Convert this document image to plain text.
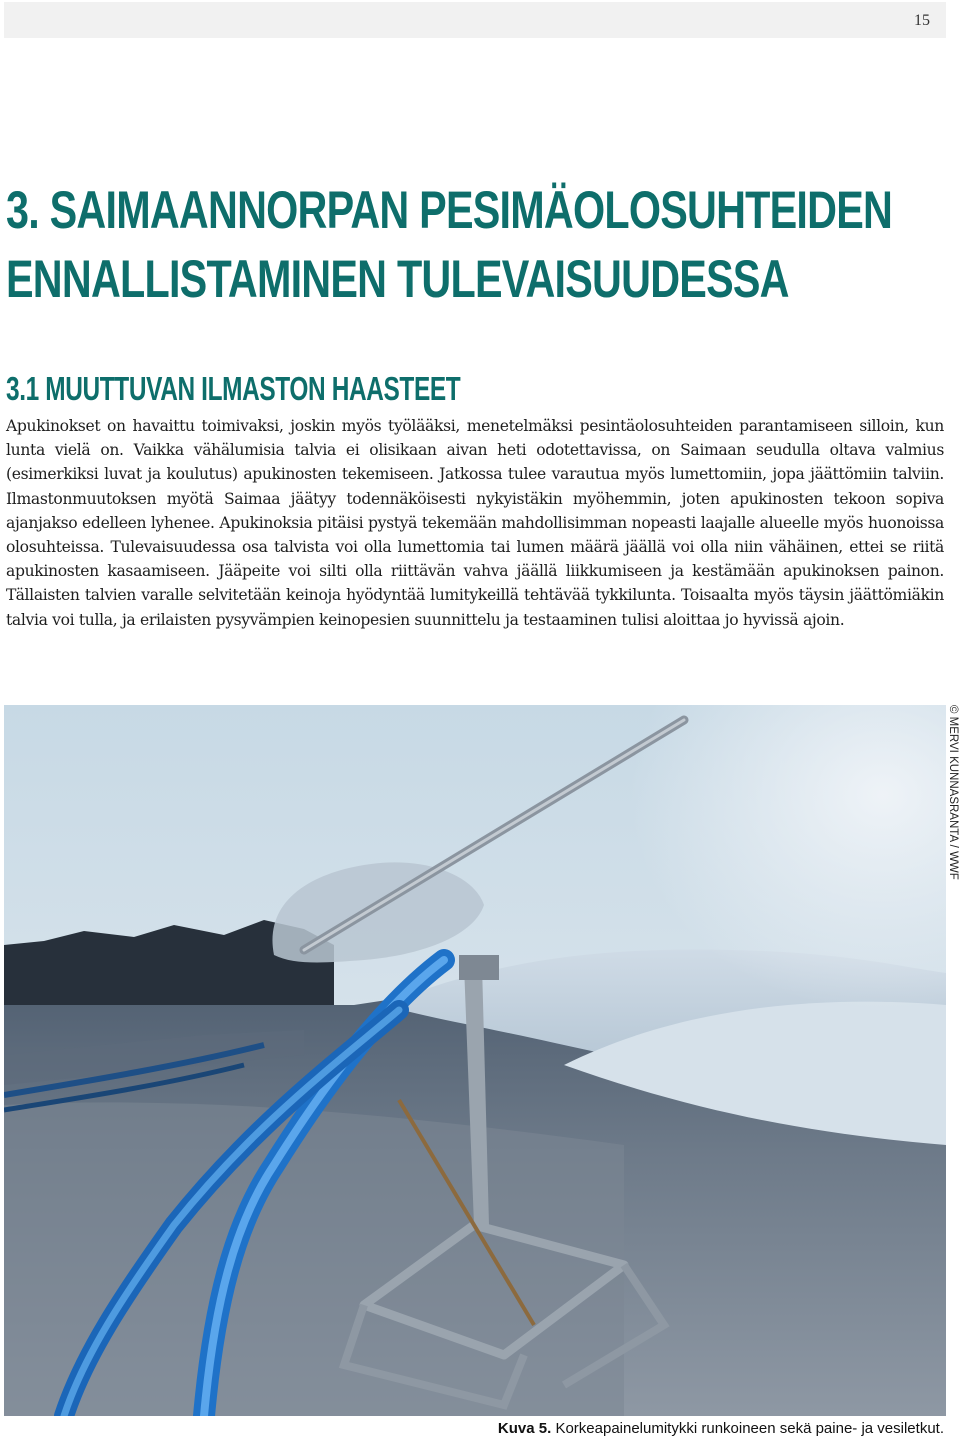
15
3. SAIMAANNORPAN PESIMÄOLOSUHTEIDEN
ENNALLISTAMINEN TULEVAISUUDESSA
3.1 MUUTTUVAN ILMASTON HAASTEET

Apukinokset on havaittu toimivaksi, joskin myös työlääksi, menetelmäksi pesintäolosuhteiden parantamiseen silloin, kun lunta vielä on. Vaikka vähälumisia talvia ei olisikaan aivan heti odotettavissa, on Saimaan seudulla oltava valmius (esimerkiksi luvat ja koulutus) apukinosten tekemiseen. Jatkossa tulee varautua myös lumettomiin, jopa jäättömiin talviin. Ilmastonmuutoksen myötä Saimaa jäätyy todennäköisesti nykyistäkin myöhemmin, joten apukinosten tekoon sopiva ajanjakso edelleen lyhenee. Apukinoksia pitäisi pystyä tekemään mahdollisimman nopeasti laajalle alueelle myös huonoissa olosuhteissa. Tulevaisuudessa osa talvista voi olla lumettomia tai lumen määrä jäällä voi olla niin vähäinen, ettei se riitä apukinosten kasaamiseen. Jääpeite voi silti olla riittävän vahva jäällä liikkumiseen ja kestämään apukinoksen painon. Tällaisten talvien varalle selvitetään keinoja hyödyntää lumitykeillä tehtävää tykkilunta. Toisaalta myös täysin jäättömiäkin talvia voi tulla, ja erilaisten pysyvämpien keinopesien suunnittelu ja testaaminen tulisi aloittaa jo hyvissä ajoin.

© MERVI KUNNASRANTA / WWF
Kuva 5. Korkeapainelumitykki runkoineen sekä paine- ja vesiletkut.
